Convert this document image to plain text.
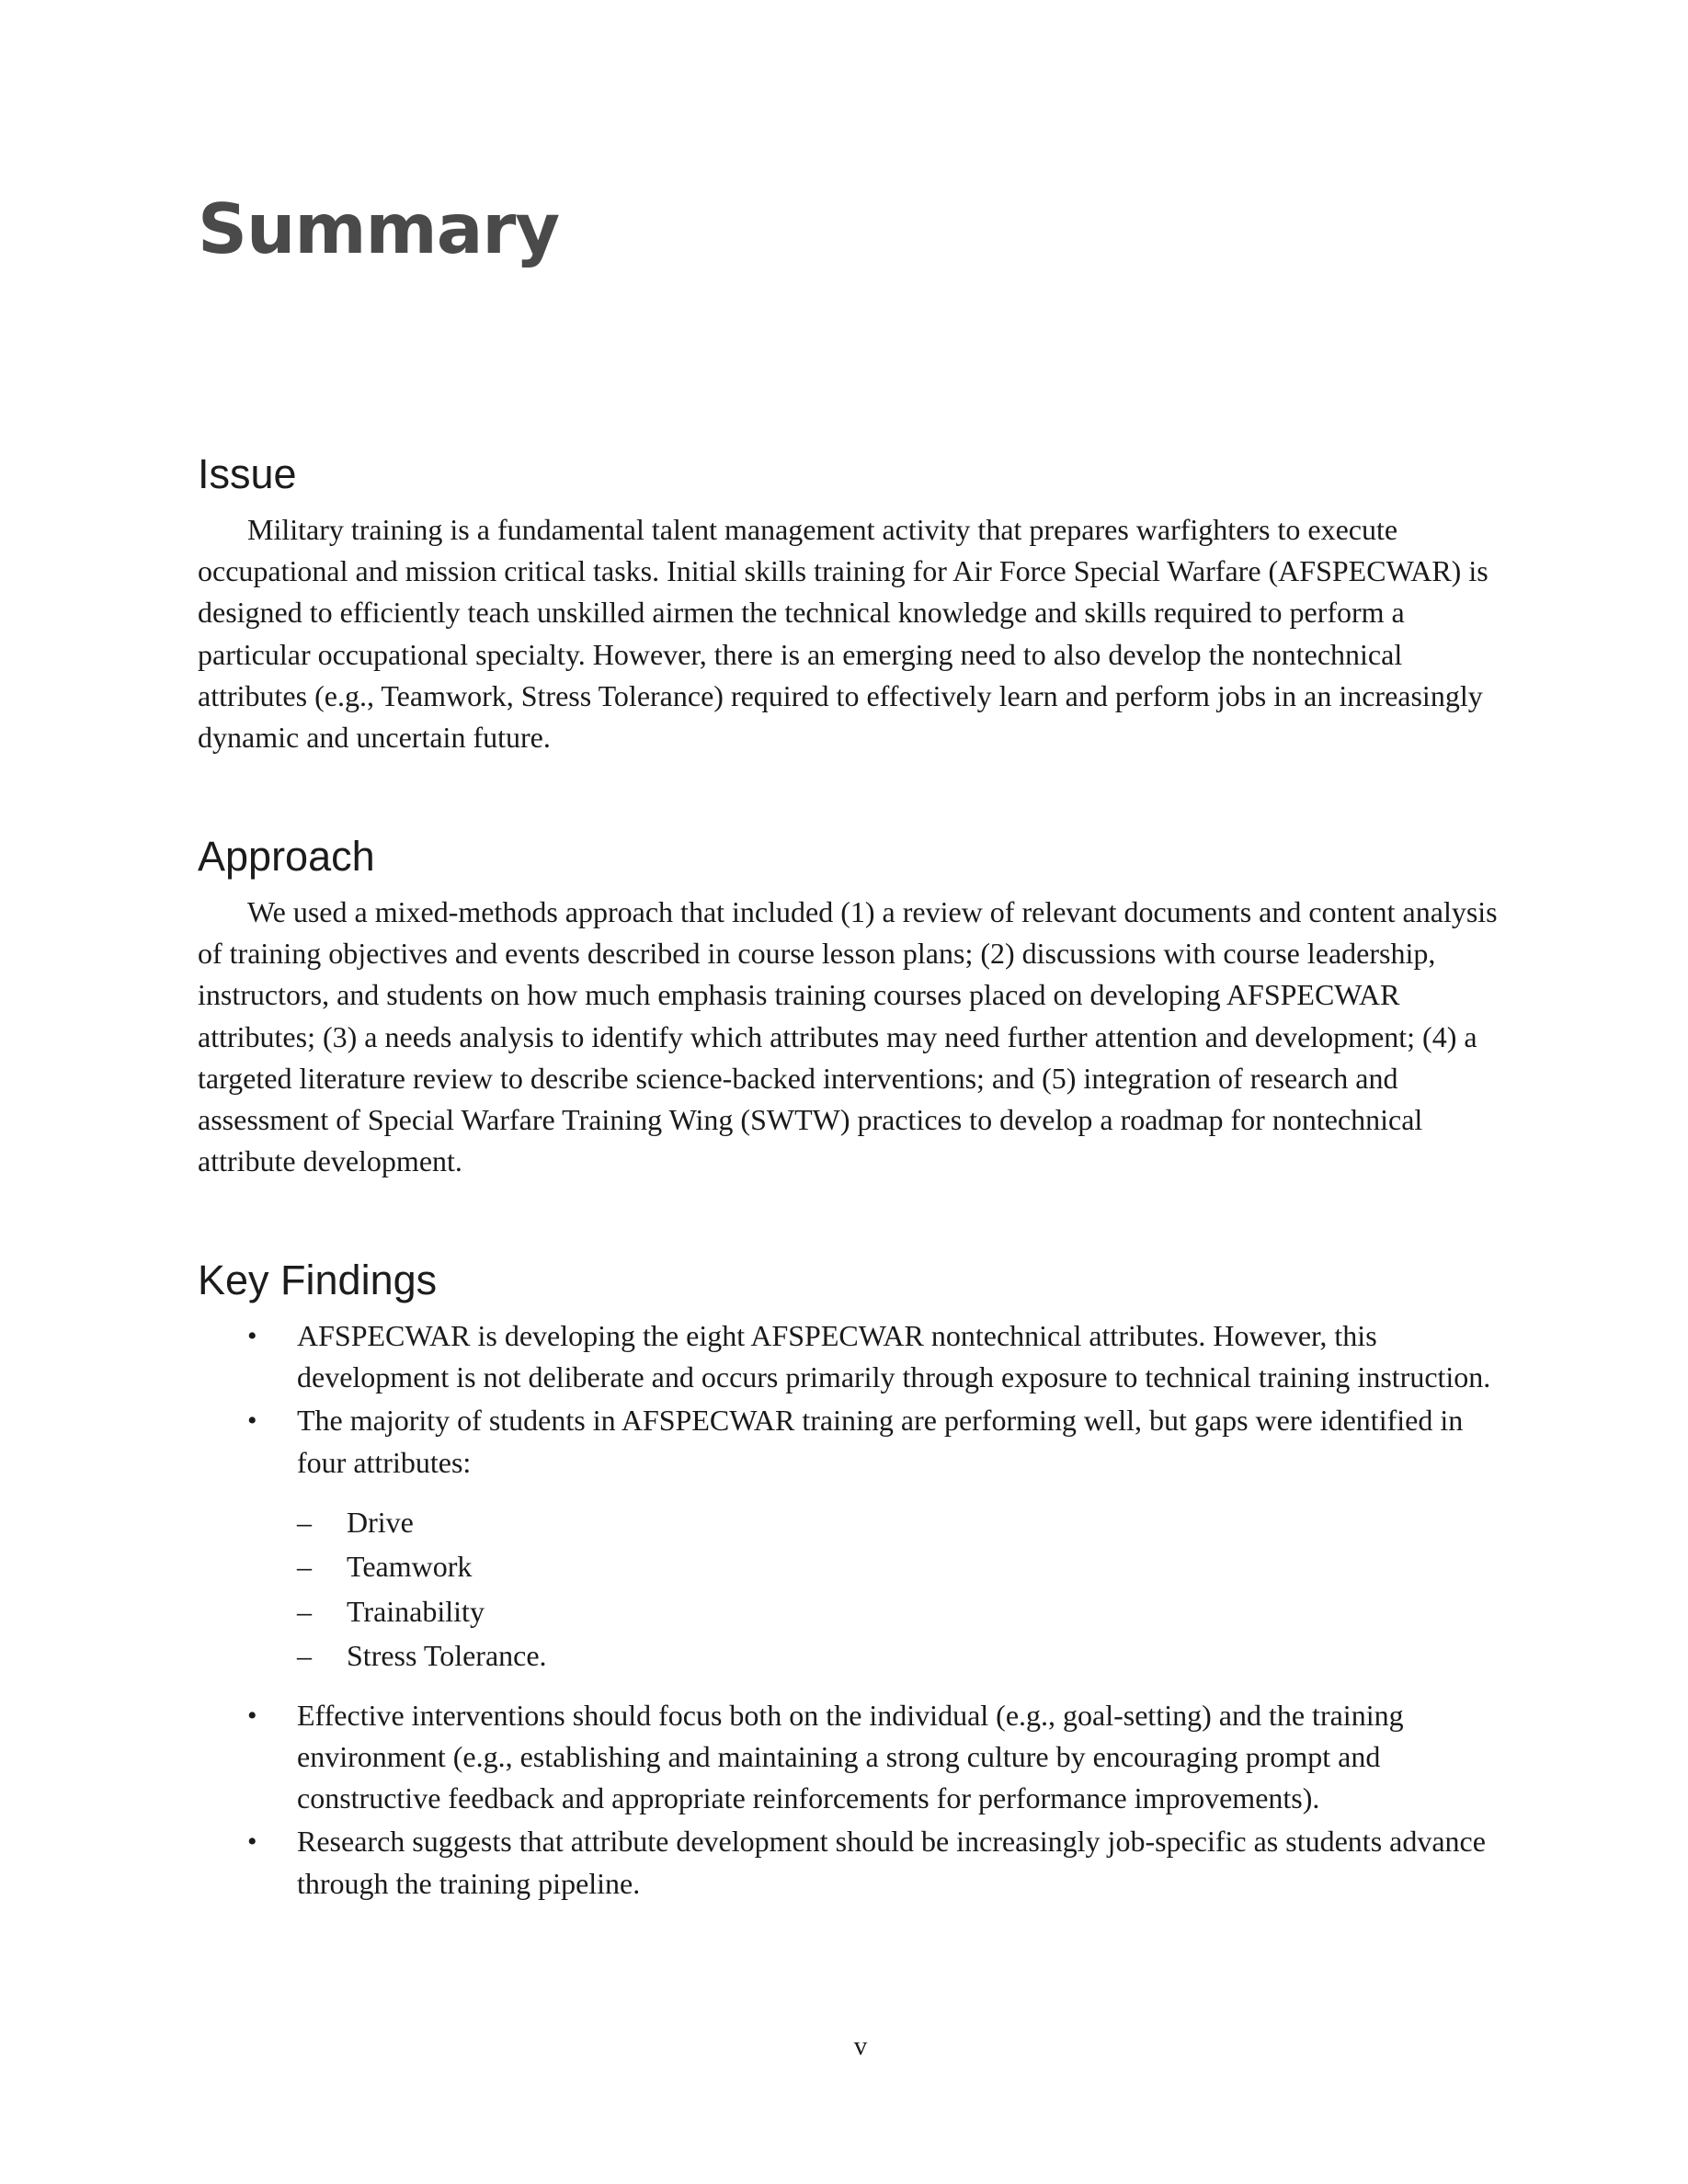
Summary
Issue

Military training is a fundamental talent management activity that prepares warfighters to execute occupational and mission critical tasks. Initial skills training for Air Force Special Warfare (AFSPECWAR) is designed to efficiently teach unskilled airmen the technical knowledge and skills required to perform a particular occupational specialty. However, there is an emerging need to also develop the nontechnical attributes (e.g., Teamwork, Stress Tolerance) required to effectively learn and perform jobs in an increasingly dynamic and uncertain future.

Approach

We used a mixed-methods approach that included (1) a review of relevant documents and content analysis of training objectives and events described in course lesson plans; (2) discussions with course leadership, instructors, and students on how much emphasis training courses placed on developing AFSPECWAR attributes; (3) a needs analysis to identify which attributes may need further attention and development; (4) a targeted literature review to describe science-backed interventions; and (5) integration of research and assessment of Special Warfare Training Wing (SWTW) practices to develop a roadmap for nontechnical attribute development.

Key Findings
• AFSPECWAR is developing the eight AFSPECWAR nontechnical attributes. However, this development is not deliberate and occurs primarily through exposure to technical training instruction.
• The majority of students in AFSPECWAR training are performing well, but gaps were identified in four attributes:
– Drive
– Teamwork
– Trainability
– Stress Tolerance.
• Effective interventions should focus both on the individual (e.g., goal-setting) and the training environment (e.g., establishing and maintaining a strong culture by encouraging prompt and constructive feedback and appropriate reinforcements for performance improvements).
• Research suggests that attribute development should be increasingly job-specific as students advance through the training pipeline.
v
